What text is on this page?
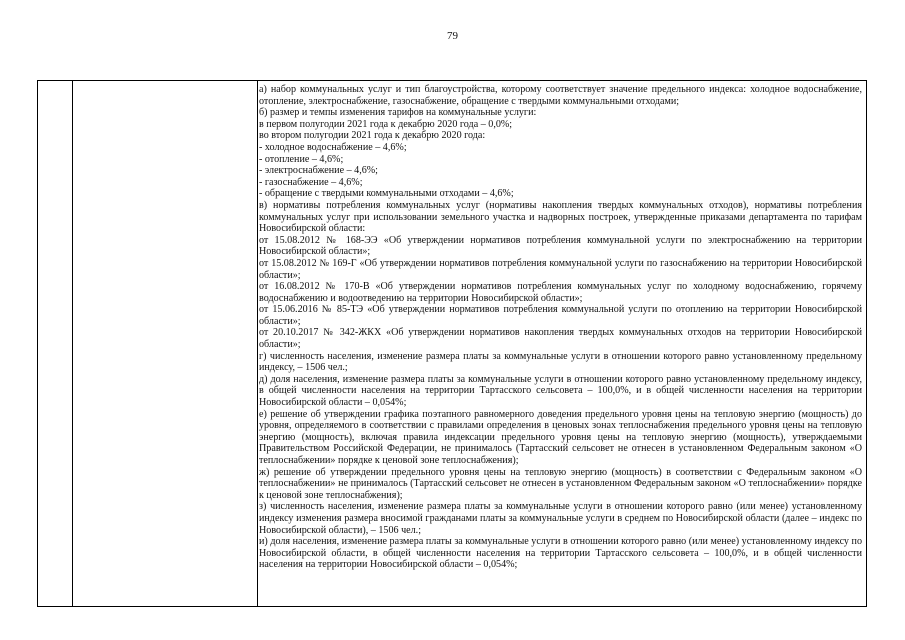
79
а) набор коммунальных услуг и тип благоустройства, которому соответствует значение предельного индекса: холодное водоснабжение, отопление, электроснабжение, газоснабжение, обращение с твердыми коммунальными отходами;
б) размер и темпы изменения тарифов на коммунальные услуги:
в первом полугодии 2021 года к декабрю 2020 года – 0,0%;
во втором полугодии 2021 года к декабрю 2020 года:
- холодное водоснабжение – 4,6%;
- отопление – 4,6%;
- электроснабжение – 4,6%;
- газоснабжение – 4,6%;
- обращение с твердыми коммунальными отходами – 4,6%;
в) нормативы потребления коммунальных услуг (нормативы накопления твердых коммунальных отходов), нормативы потребления коммунальных услуг при использовании земельного участка и надворных построек, утвержденные приказами департамента по тарифам Новосибирской области:
от 15.08.2012 № 168-ЭЭ «Об утверждении нормативов потребления коммунальной услуги по электроснабжению на территории Новосибирской области»;
от 15.08.2012 № 169-Г «Об утверждении нормативов потребления коммунальной услуги по газоснабжению на территории Новосибирской области»;
от 16.08.2012 № 170-В «Об утверждении нормативов потребления коммунальных услуг по холодному водоснабжению, горячему водоснабжению и водоотведению на территории Новосибирской области»;
от 15.06.2016 № 85-ТЭ «Об утверждении нормативов потребления коммунальной услуги по отоплению на территории Новосибирской области»;
от 20.10.2017 № 342-ЖКХ «Об утверждении нормативов накопления твердых коммунальных отходов на территории Новосибирской области»;
г) численность населения, изменение размера платы за коммунальные услуги в отношении которого равно установленному предельному индексу, – 1506 чел.;
д) доля населения, изменение размера платы за коммунальные услуги в отношении которого равно установленному предельному индексу, в общей численности населения на территории Тартасского сельсовета – 100,0%, и в общей численности населения на территории Новосибирской области – 0,054%;
е) решение об утверждении графика поэтапного равномерного доведения предельного уровня цены на тепловую энергию (мощность) до уровня, определяемого в соответствии с правилами определения в ценовых зонах теплоснабжения предельного уровня цены на тепловую энергию (мощность), включая правила индексации предельного уровня цены на тепловую энергию (мощность), утверждаемыми Правительством Российской Федерации, не принималось (Тартасский сельсовет не отнесен в установленном Федеральным законом «О теплоснабжении» порядке к ценовой зоне теплоснабжения);
ж) решение об утверждении предельного уровня цены на тепловую энергию (мощность) в соответствии с Федеральным законом «О теплоснабжении» не принималось (Тартасский сельсовет не отнесен в установленном Федеральным законом «О теплоснабжении» порядке к ценовой зоне теплоснабжения);
з) численность населения, изменение размера платы за коммунальные услуги в отношении которого равно (или менее) установленному индексу изменения размера вносимой гражданами платы за коммунальные услуги в среднем по Новосибирской области (далее – индекс по Новосибирской области), – 1506 чел.;
и) доля населения, изменение размера платы за коммунальные услуги в отношении которого равно (или менее) установленному индексу по Новосибирской области, в общей численности населения на территории Тартасского сельсовета – 100,0%, и в общей численности населения на территории Новосибирской области – 0,054%;
